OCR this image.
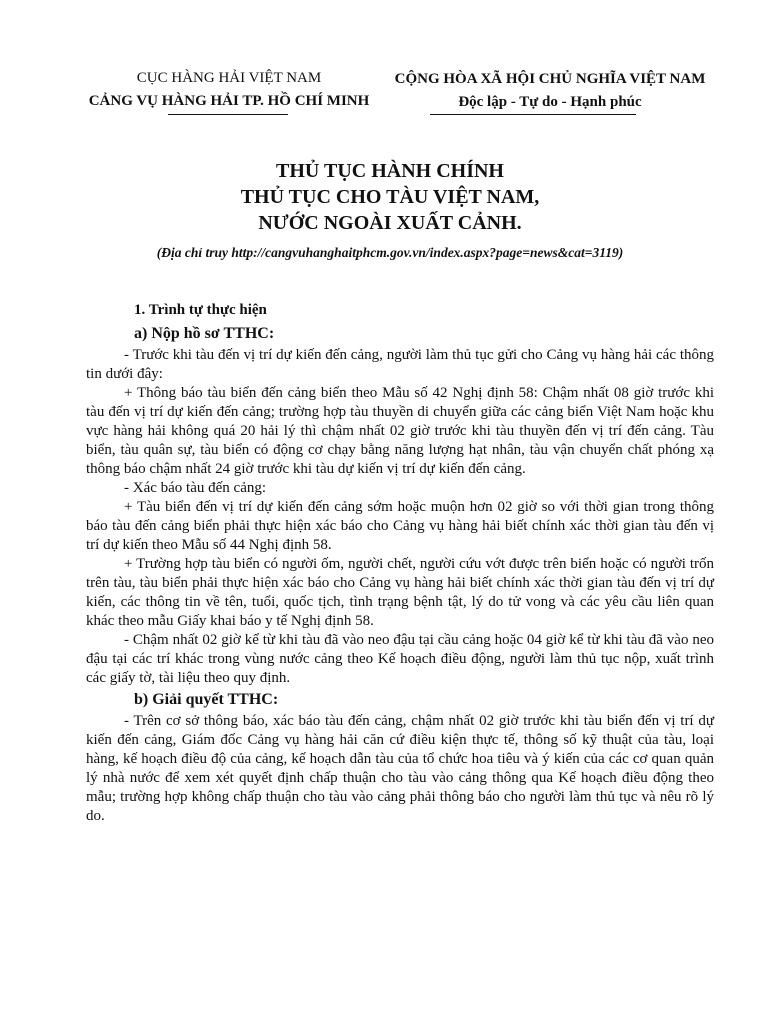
CỤC HÀNG HẢI VIỆT NAM
CẢNG VỤ HÀNG HẢI TP. HỒ CHÍ MINH
CỘNG HÒA XÃ HỘI CHỦ NGHĨA VIỆT NAM
Độc lập - Tự do - Hạnh phúc
THỦ TỤC HÀNH CHÍNH
THỦ TỤC CHO TÀU VIỆT NAM,
NƯỚC NGOÀI XUẤT CẢNH.
(Địa chỉ truy http://cangvuhanghaitphcm.gov.vn/index.aspx?page=news&cat=3119)

1. Trình tự thực hiện

a) Nộp hồ sơ TTHC:

- Trước khi tàu đến vị trí dự kiến đến cảng, người làm thủ tục gửi cho Cảng vụ hàng hải các thông tin dưới đây:

+ Thông báo tàu biển đến cảng biển theo Mẫu số 42 Nghị định 58: Chậm nhất 08 giờ trước khi tàu đến vị trí dự kiến đến cảng; trường hợp tàu thuyền di chuyển giữa các cảng biển Việt Nam hoặc khu vực hàng hải không quá 20 hải lý thì chậm nhất 02 giờ trước khi tàu thuyền đến vị trí đến cảng. Tàu biển, tàu quân sự, tàu biển có động cơ chạy bằng năng lượng hạt nhân, tàu vận chuyển chất phóng xạ thông báo chậm nhất 24 giờ trước khi tàu dự kiến vị trí dự kiến đến cảng.

- Xác báo tàu đến cảng:

+ Tàu biển đến vị trí dự kiến đến cảng sớm hoặc muộn hơn 02 giờ so với thời gian trong thông báo tàu đến cảng biển phải thực hiện xác báo cho Cảng vụ hàng hải biết chính xác thời gian tàu đến vị trí dự kiến theo Mẫu số 44 Nghị định 58.

+ Trường hợp tàu biển có người ốm, người chết, người cứu vớt được trên biển hoặc có người trốn trên tàu, tàu biển phải thực hiện xác báo cho Cảng vụ hàng hải biết chính xác thời gian tàu đến vị trí dự kiến, các thông tin về tên, tuổi, quốc tịch, tình trạng bệnh tật, lý do tử vong và các yêu cầu liên quan khác theo mẫu Giấy khai báo y tế Nghị định 58.

- Chậm nhất 02 giờ kể từ khi tàu đã vào neo đậu tại cầu cảng hoặc 04 giờ kể từ khi tàu đã vào neo đậu tại các trí khác trong vùng nước cảng theo Kế hoạch điều động, người làm thủ tục nộp, xuất trình các giấy tờ, tài liệu theo quy định.

b) Giải quyết TTHC:

- Trên cơ sở thông báo, xác báo tàu đến cảng, chậm nhất 02 giờ trước khi tàu biển đến vị trí dự kiến đến cảng, Giám đốc Cảng vụ hàng hải căn cứ điều kiện thực tế, thông số kỹ thuật của tàu, loại hàng, kế hoạch điều độ của cảng, kế hoạch dẫn tàu của tổ chức hoa tiêu và ý kiến của các cơ quan quản lý nhà nước để xem xét quyết định chấp thuận cho tàu vào cảng thông qua Kế hoạch điều động theo mẫu; trường hợp không chấp thuận cho tàu vào cảng phải thông báo cho người làm thủ tục và nêu rõ lý do.
